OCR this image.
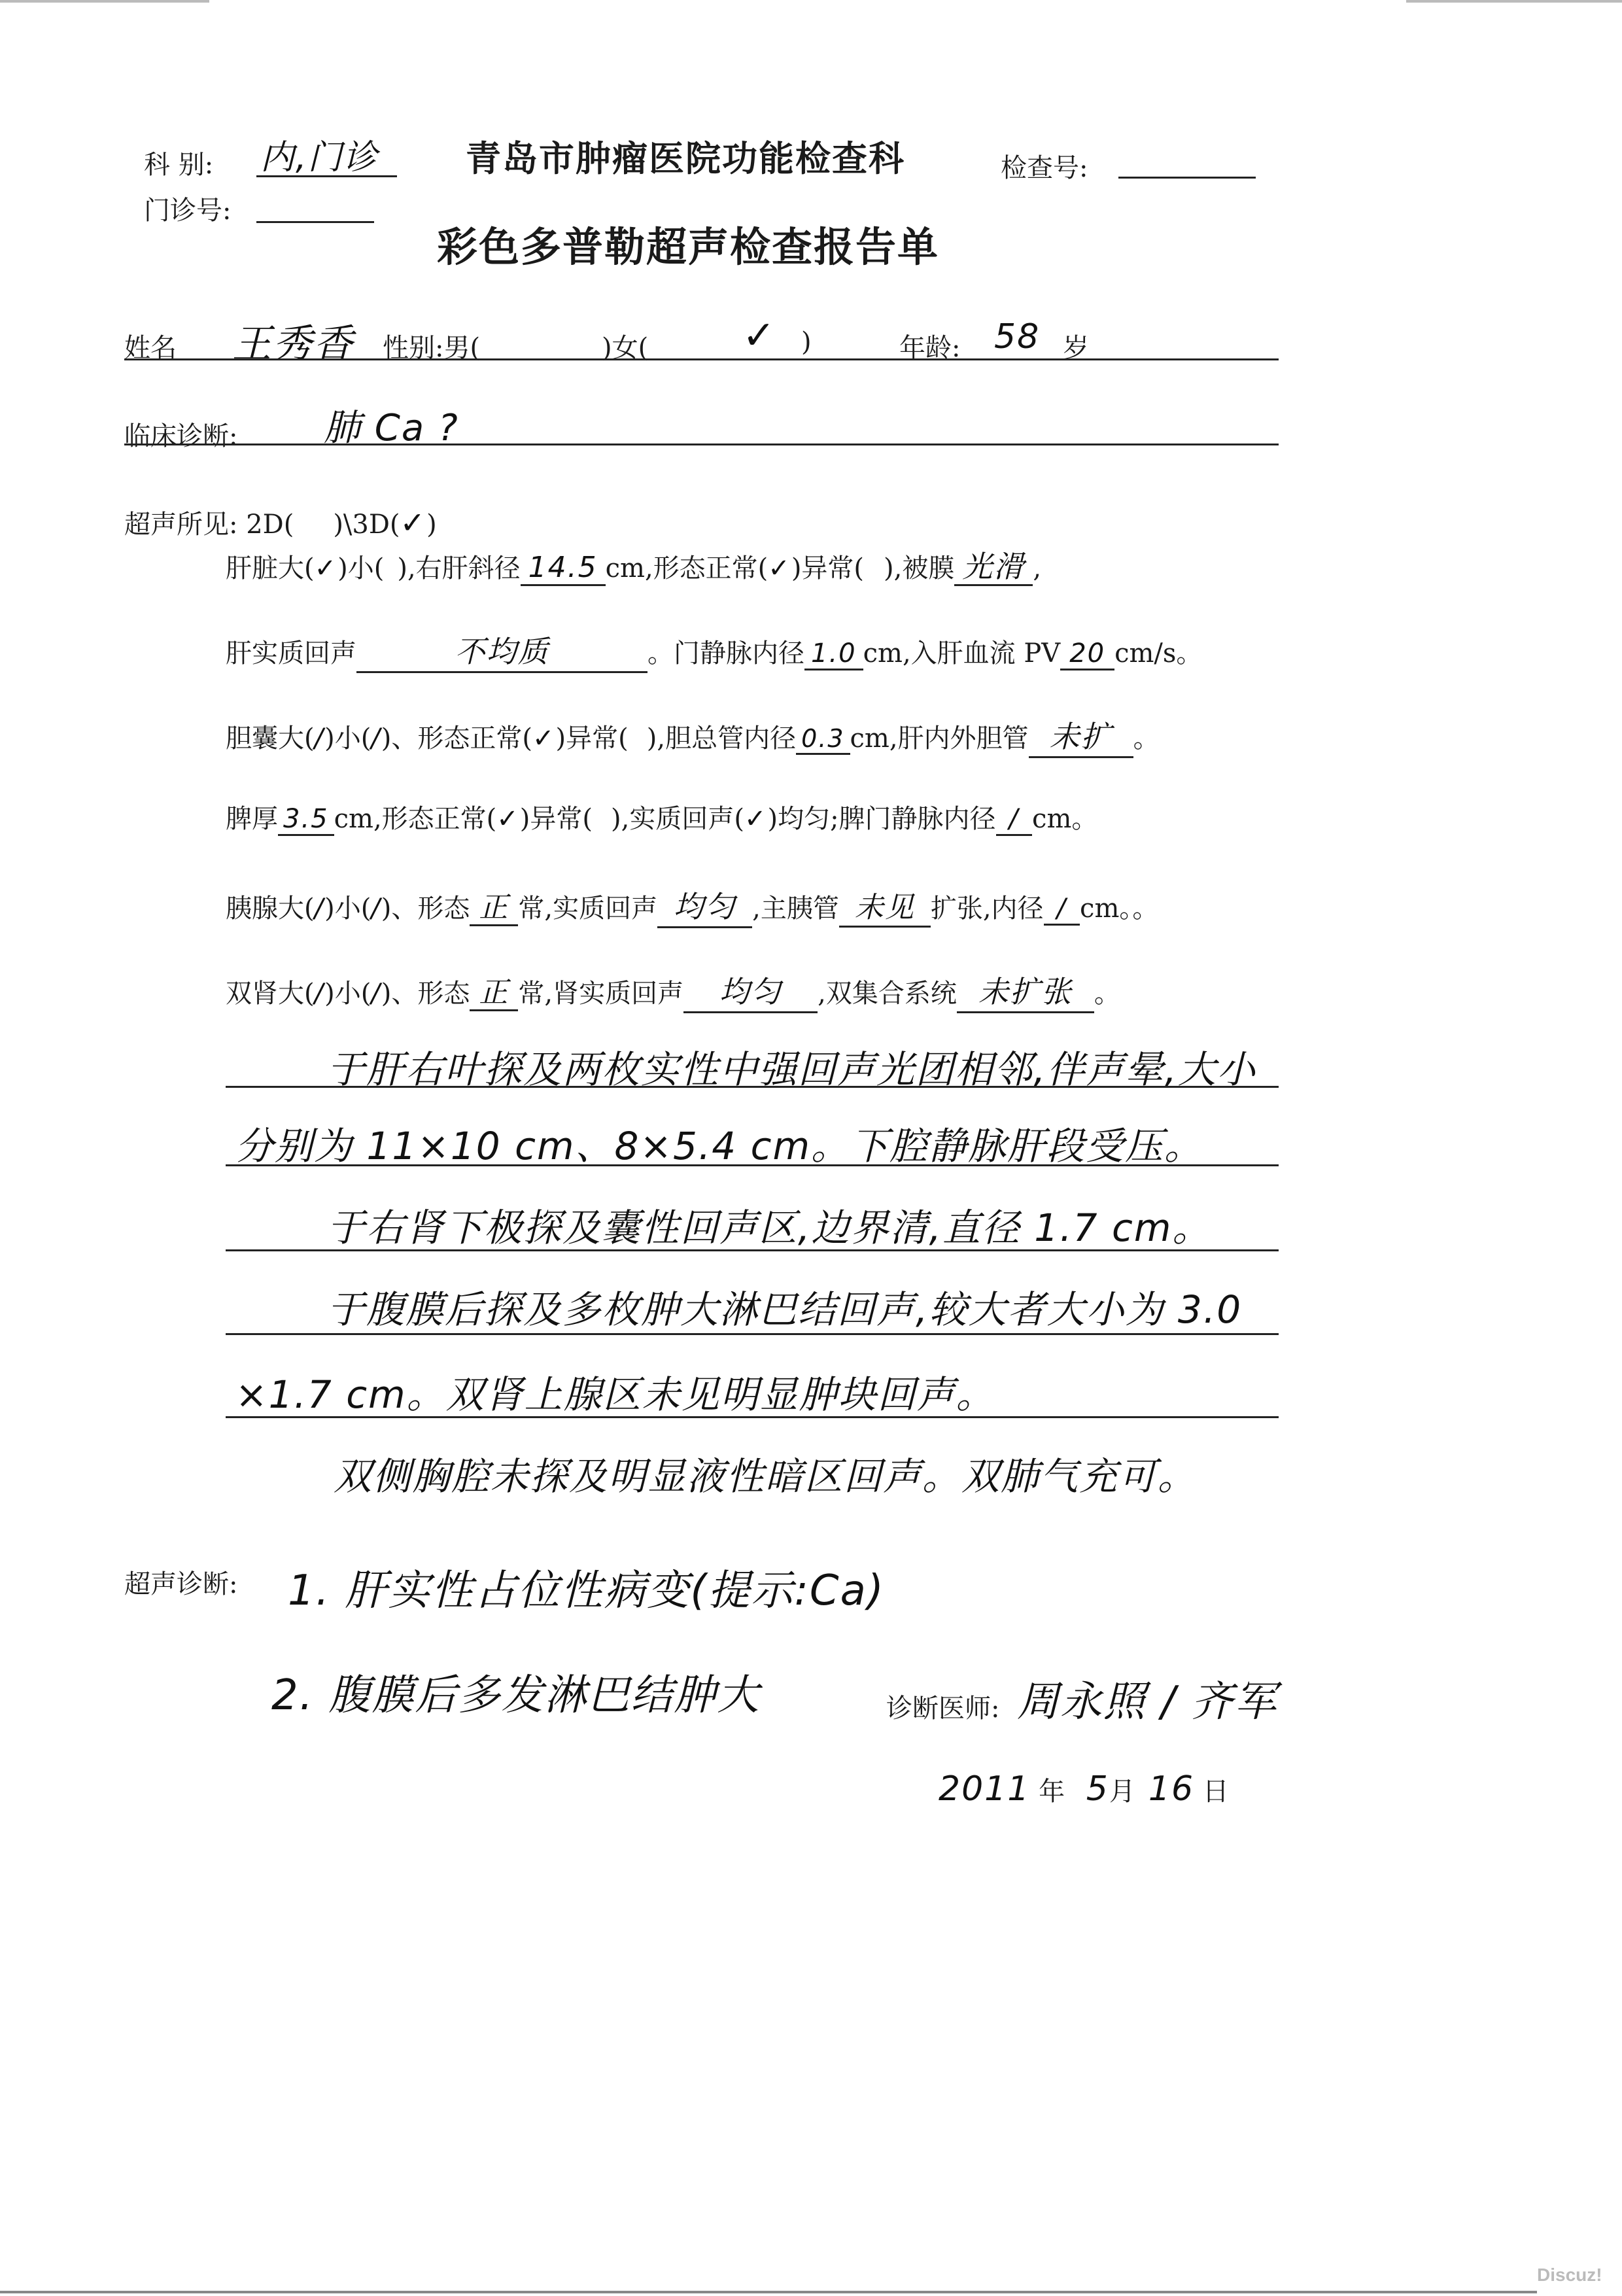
科 别: 内,门诊 青岛市肿瘤医院功能检查科	检查号:
门诊号:
彩色多普勒超声检查报告单
姓名 王秀香 性别:男(	)女( ✓ )	年龄: 58 岁
临床诊断: 肺 Ca ?
超声所见: 2D( )\3D(✓)
肝脏大(✓)小( ),右肝斜径 14.5 cm,形态正常(✓)异常( ),被膜 光滑 ,
肝实质回声	不均质	。门静脉内径 1.0 cm,入肝血流 PV 20 cm/s。
胆囊大(/)小(/)、形态正常(✓)异常( ),胆总管内径 0.3 cm,肝内外胆管 未扩 。
脾厚 3.5 cm,形态正常(✓)异常( ),实质回声(✓)均匀;脾门静脉内径 / cm。
胰腺大(/)小(/)、形态 正 常,实质回声 均匀 ,主胰管 未见 扩张,内径 / cm。。
双肾大(/)小(/)、形态 正 常,肾实质回声 均匀 ,双集合系统 未扩张 。
于肝右叶探及两枚实性中强回声光团相邻,伴声晕,大小
分别为 11×10 cm、8×5.4 cm。下腔静脉肝段受压。
于右肾下极探及囊性回声区,边界清,直径 1.7 cm。
于腹膜后探及多枚肿大淋巴结回声,较大者大小为 3.0
×1.7 cm。双肾上腺区未见明显肿块回声。
双侧胸腔未探及明显液性暗区回声。双肺气充可。
超声诊断: 1. 肝实性占位性病变(提示:Ca)
2. 腹膜后多发淋巴结肿大	诊断医师: 周永照 / 齐军
2011 年 5月 16 日
Discuz!
